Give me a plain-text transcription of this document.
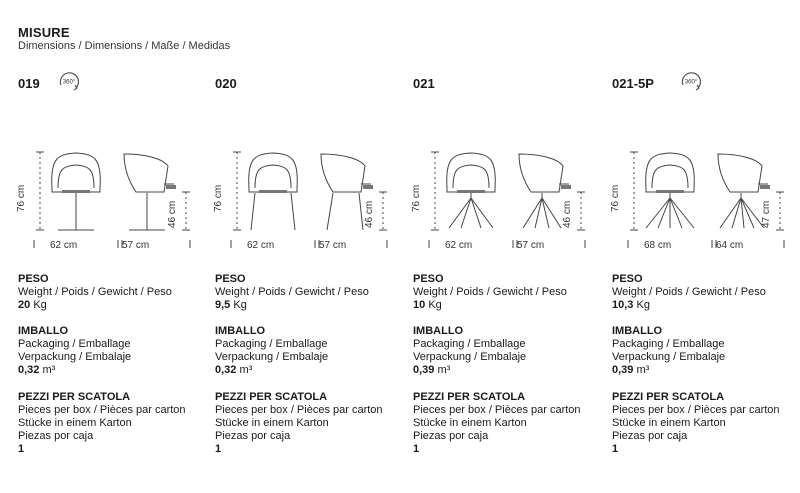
MISURE
Dimensions / Dimensions / Maße / Medidas
019	360°
76 cm
46 cm
62 cm	57 cm
PESO
Weight / Poids / Gewicht / Peso
20 Kg
IMBALLO
Packaging / Emballage
Verpackung / Embalaje
0,32 m³
PEZZI PER SCATOLA
Pieces per box / Pièces par carton
Stücke in einem Karton
Piezas por caja
1
020
76 cm
46 cm
62 cm	57 cm
PESO
Weight / Poids / Gewicht / Peso
9,5 Kg
IMBALLO
Packaging / Emballage
Verpackung / Embalaje
0,32 m³
PEZZI PER SCATOLA
Pieces per box / Pièces par carton
Stücke in einem Karton
Piezas por caja
1
021
76 cm
46 cm
62 cm	57 cm
PESO
Weight / Poids / Gewicht / Peso
10 Kg
IMBALLO
Packaging / Emballage
Verpackung / Embalaje
0,39 m³
PEZZI PER SCATOLA
Pieces per box / Pièces par carton
Stücke in einem Karton
Piezas por caja
1
021-5P	360°
76 cm
47 cm
68 cm	64 cm
PESO
Weight / Poids / Gewicht / Peso
10,3 Kg
IMBALLO
Packaging / Emballage
Verpackung / Embalaje
0,39 m³
PEZZI PER SCATOLA
Pieces per box / Pièces par carton
Stücke in einem Karton
Piezas por caja
1
